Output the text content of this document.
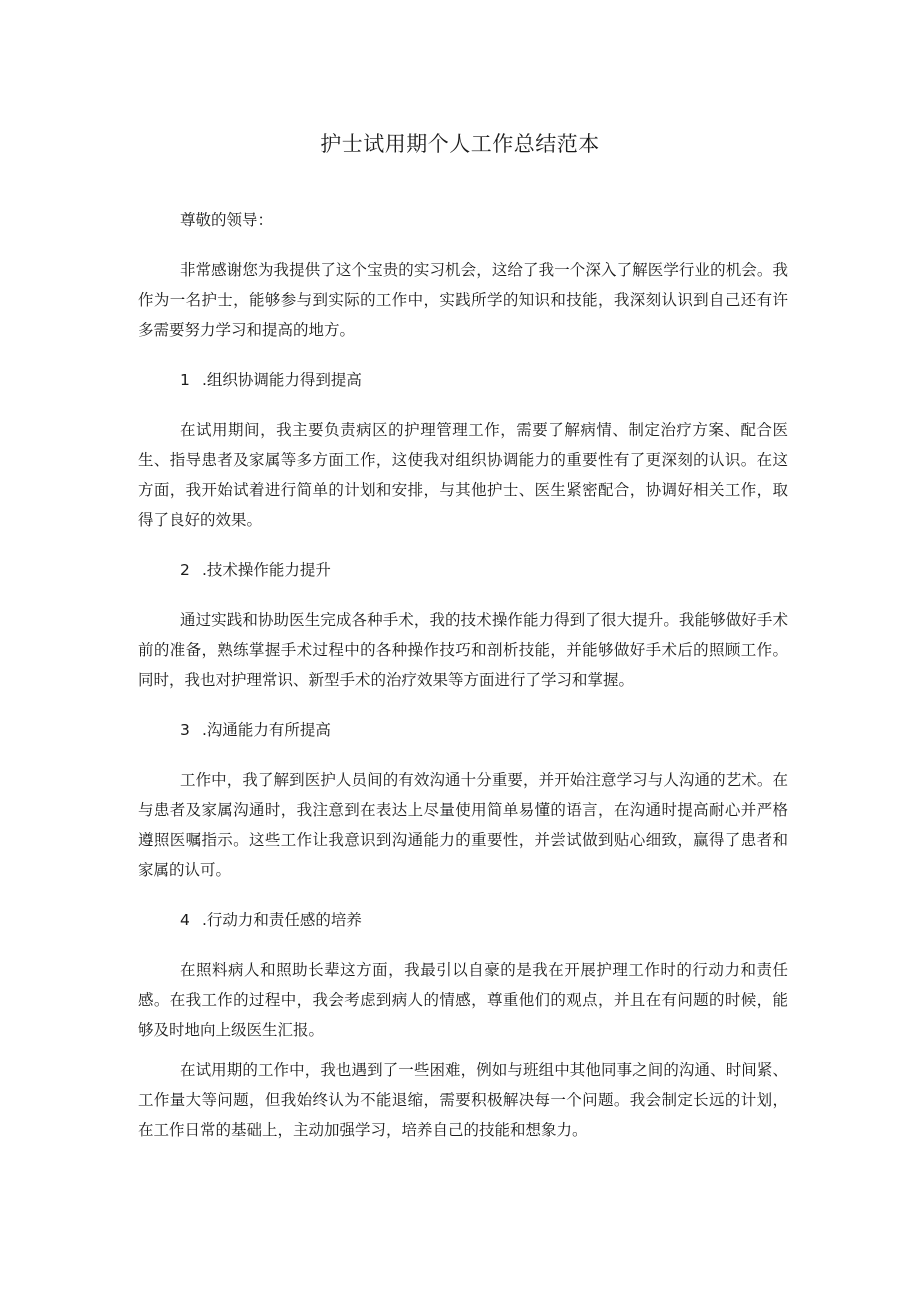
护士试用期个人工作总结范本

尊敬的领导：

非常感谢您为我提供了这个宝贵的实习机会，这给了我一个深入了解医学行业的机会。我作为一名护士，能够参与到实际的工作中，实践所学的知识和技能，我深刻认识到自己还有许多需要努力学习和提高的地方。

1 .组织协调能力得到提高

在试用期间，我主要负责病区的护理管理工作，需要了解病情、制定治疗方案、配合医生、指导患者及家属等多方面工作，这使我对组织协调能力的重要性有了更深刻的认识。在这方面，我开始试着进行简单的计划和安排，与其他护士、医生紧密配合，协调好相关工作，取得了良好的效果。

2 .技术操作能力提升

通过实践和协助医生完成各种手术，我的技术操作能力得到了很大提升。我能够做好手术前的准备，熟练掌握手术过程中的各种操作技巧和剖析技能，并能够做好手术后的照顾工作。同时，我也对护理常识、新型手术的治疗效果等方面进行了学习和掌握。

3 .沟通能力有所提高

工作中，我了解到医护人员间的有效沟通十分重要，并开始注意学习与人沟通的艺术。在与患者及家属沟通时，我注意到在表达上尽量使用简单易懂的语言，在沟通时提高耐心并严格遵照医嘱指示。这些工作让我意识到沟通能力的重要性，并尝试做到贴心细致，赢得了患者和家属的认可。

4 .行动力和责任感的培养

在照料病人和照助长辈这方面，我最引以自豪的是我在开展护理工作时的行动力和责任感。在我工作的过程中，我会考虑到病人的情感，尊重他们的观点，并且在有问题的时候，能够及时地向上级医生汇报。

在试用期的工作中，我也遇到了一些困难，例如与班组中其他同事之间的沟通、时间紧、工作量大等问题，但我始终认为不能退缩，需要积极解决每一个问题。我会制定长远的计划，在工作日常的基础上，主动加强学习，培养自己的技能和想象力。
